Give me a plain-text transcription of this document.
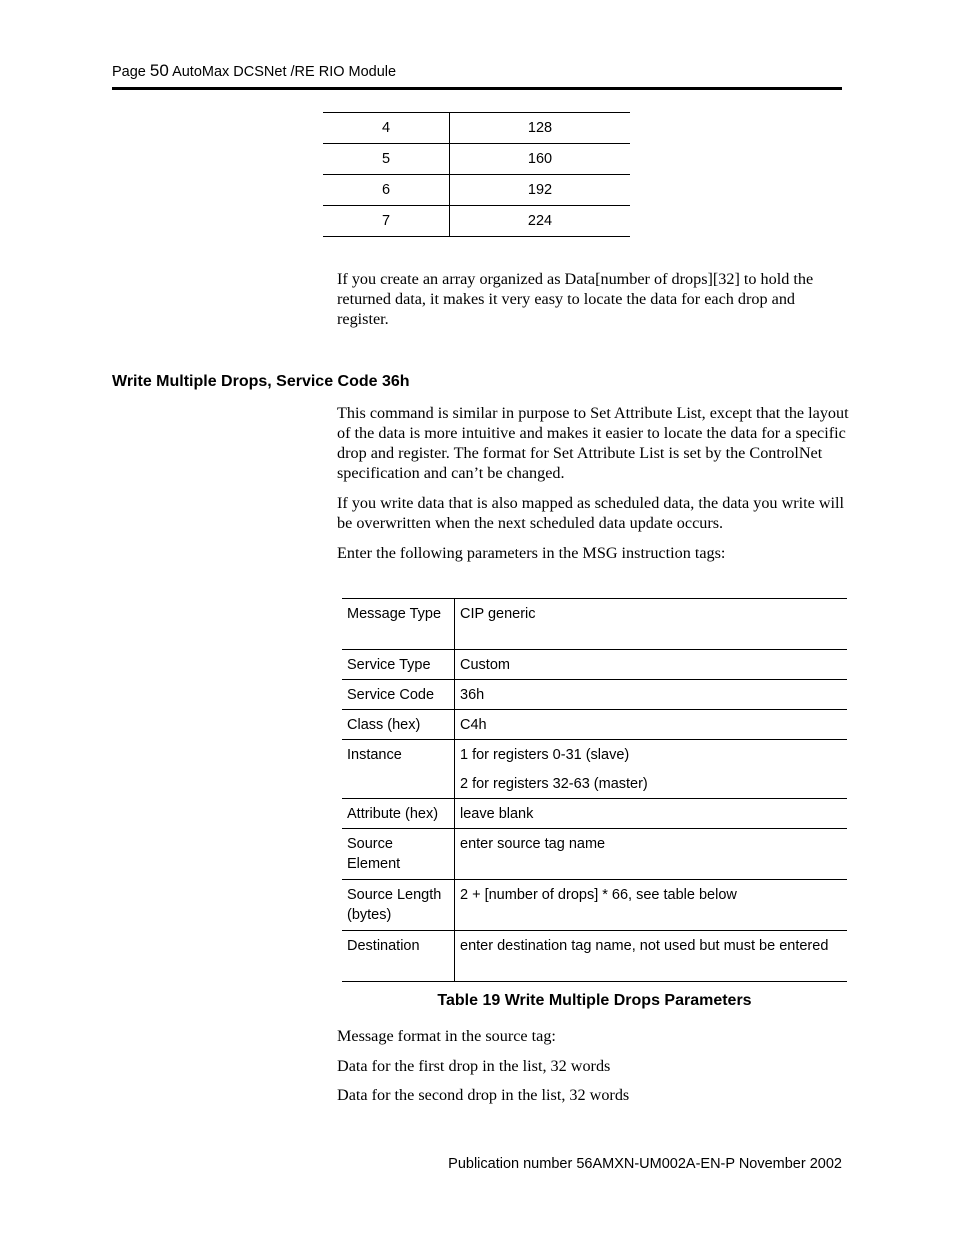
Page 50 AutoMax DCSNet /RE RIO Module
4	128
5	160
6	192
7	224

If you create an array organized as Data[number of drops][32] to hold the returned data, it makes it very easy to locate the data for each drop and register.

Write Multiple Drops, Service Code 36h

This command is similar in purpose to Set Attribute List, except that the layout of the data is more intuitive and makes it easier to locate the data for a specific drop and register. The format for Set Attribute List is set by the ControlNet specification and can’t be changed.

If you write data that is also mapped as scheduled data, the data you write will be overwritten when the next scheduled data update occurs.

Enter the following parameters in the MSG instruction tags:

Message Type	CIP generic
Service Type	Custom
Service Code	36h
Class (hex)	C4h
Instance	1 for registers 0-31 (slave)
2 for registers 32-63 (master)

Attribute (hex)	leave blank
Source Element	enter source tag name
Source Length (bytes)	2 + [number of drops] * 66, see table below
Destination	enter destination tag name, not used but must be entered

Table 19 Write Multiple Drops Parameters

Message format in the source tag:

Data for the first drop in the list, 32 words

Data for the second drop in the list, 32 words

Publication number 56AMXN-UM002A-EN-P November 2002
